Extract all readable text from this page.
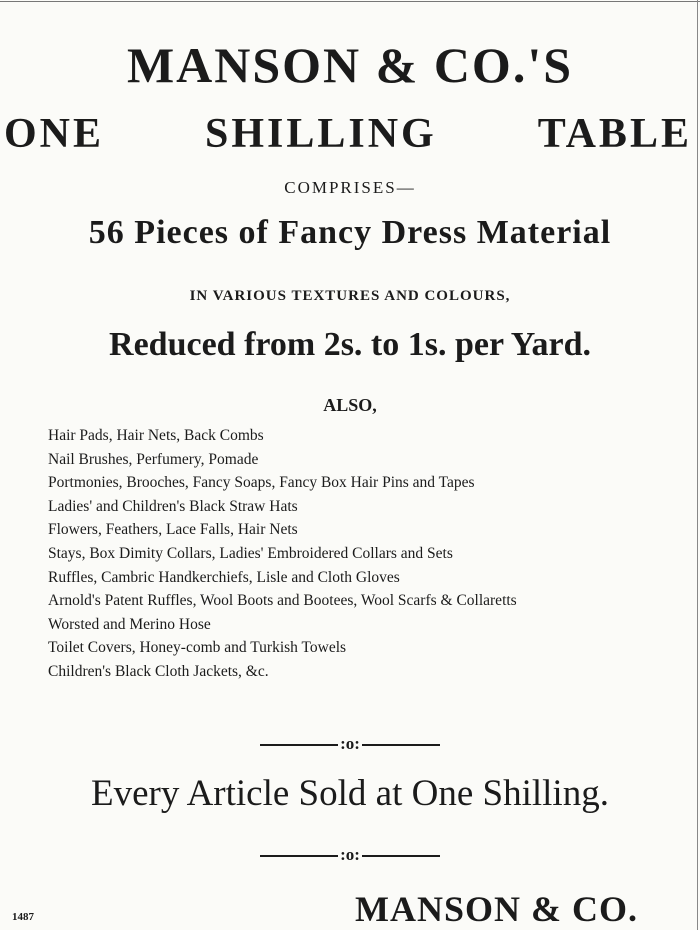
MANSON & CO.'S
ONE SHILLING TABLE
COMPRISES—
56 Pieces of Fancy Dress Material
IN VARIOUS TEXTURES AND COLOURS,
Reduced from 2s. to 1s. per Yard.
ALSO,
Hair Pads, Hair Nets, Back Combs
Nail Brushes, Perfumery, Pomade
Portmonies, Brooches, Fancy Soaps, Fancy Box Hair Pins and Tapes
Ladies' and Children's Black Straw Hats
Flowers, Feathers, Lace Falls, Hair Nets
Stays, Box Dimity Collars, Ladies' Embroidered Collars and Sets
Ruffles, Cambric Handkerchiefs, Lisle and Cloth Gloves
Arnold's Patent Ruffles, Wool Boots and Bootees, Wool Scarfs & Collaretts
Worsted and Merino Hose
Toilet Covers, Honey-comb and Turkish Towels
Children's Black Cloth Jackets, &c.
:o:
Every Article Sold at One Shilling.
:o:
1487	MANSON & CO.
